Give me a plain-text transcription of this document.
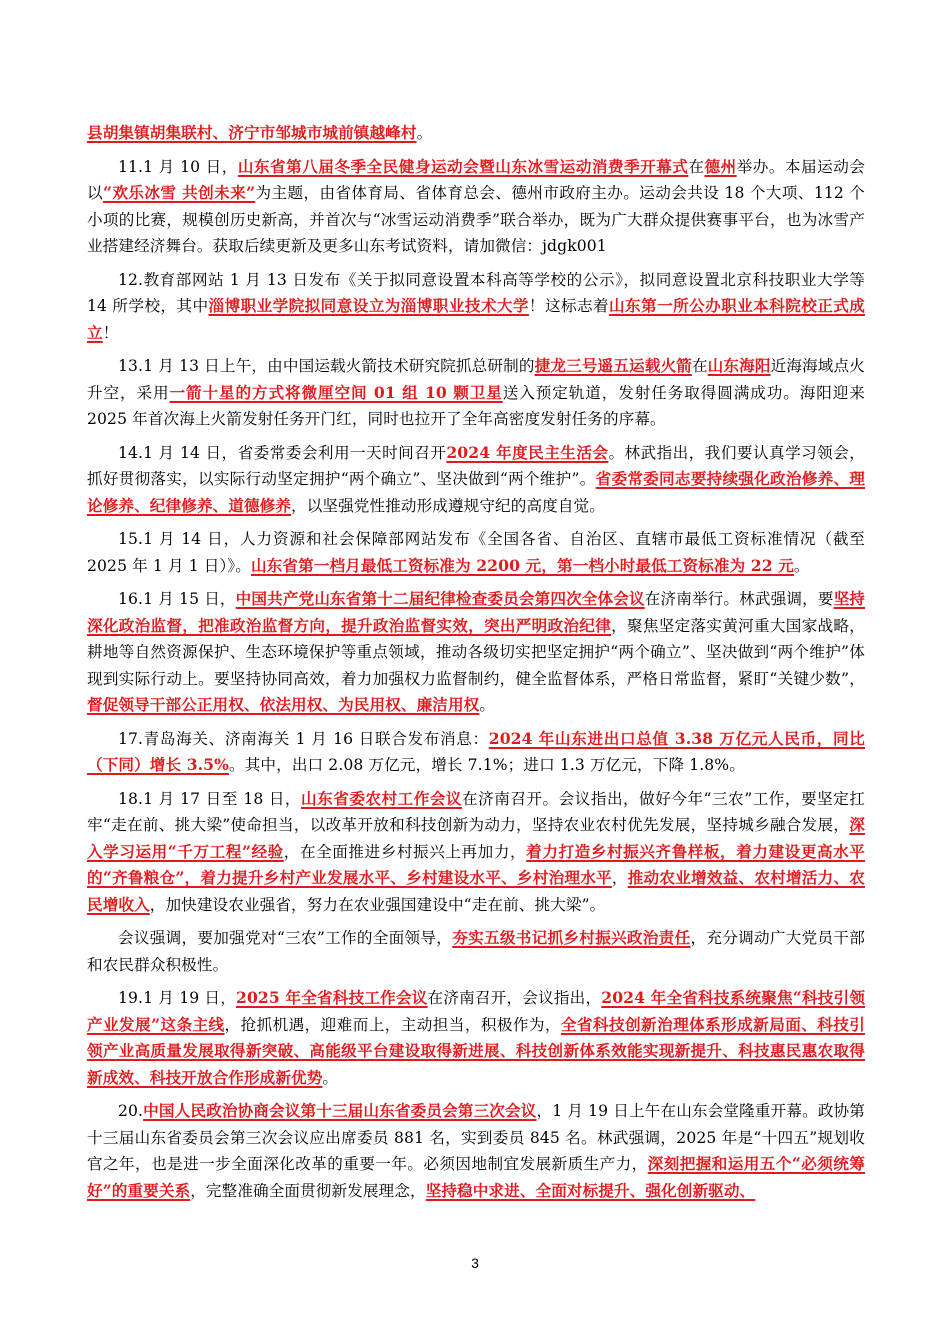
县胡集镇胡集联村、济宁市邹城市城前镇越峰村。

11.1 月 10 日，山东省第八届冬季全民健身运动会暨山东冰雪运动消费季开幕式在德州举办。本届运动会以“欢乐冰雪 共创未来”为主题，由省体育局、省体育总会、德州市政府主办。运动会共设 18 个大项、112 个小项的比赛，规模创历史新高，并首次与“冰雪运动消费季”联合举办，既为广大群众提供赛事平台，也为冰雪产业搭建经济舞台。获取后续更新及更多山东考试资料，请加微信：jdgk001

12.教育部网站 1 月 13 日发布《关于拟同意设置本科高等学校的公示》，拟同意设置北京科技职业大学等 14 所学校，其中淄博职业学院拟同意设立为淄博职业技术大学！这标志着山东第一所公办职业本科院校正式成立！

13.1 月 13 日上午，由中国运载火箭技术研究院抓总研制的捷龙三号遥五运载火箭在山东海阳近海海域点火升空，采用一箭十星的方式将微厘空间 01 组 10 颗卫星送入预定轨道，发射任务取得圆满成功。海阳迎来 2025 年首次海上火箭发射任务开门红，同时也拉开了全年高密度发射任务的序幕。

14.1 月 14 日，省委常委会利用一天时间召开2024 年度民主生活会。林武指出，我们要认真学习领会，抓好贯彻落实，以实际行动坚定拥护“两个确立”、坚决做到“两个维护”。省委常委同志要持续强化政治修养、理论修养、纪律修养、道德修养，以坚强党性推动形成遵规守纪的高度自觉。

15.1 月 14 日，人力资源和社会保障部网站发布《全国各省、自治区、直辖市最低工资标准情况（截至 2025 年 1 月 1 日）》。山东省第一档月最低工资标准为 2200 元，第一档小时最低工资标准为 22 元。

16.1 月 15 日，中国共产党山东省第十二届纪律检查委员会第四次全体会议在济南举行。林武强调，要坚持深化政治监督，把准政治监督方向，提升政治监督实效，突出严明政治纪律，聚焦坚定落实黄河重大国家战略，耕地等自然资源保护、生态环境保护等重点领域，推动各级切实把坚定拥护“两个确立”、坚决做到“两个维护”体现到实际行动上。要坚持协同高效，着力加强权力监督制约，健全监督体系，严格日常监督，紧盯“关键少数”，督促领导干部公正用权、依法用权、为民用权、廉洁用权。

17.青岛海关、济南海关 1 月 16 日联合发布消息：2024 年山东进出口总值 3.38 万亿元人民币，同比（下同）增长 3.5%。其中，出口 2.08 万亿元，增长 7.1%；进口 1.3 万亿元，下降 1.8%。

18.1 月 17 日至 18 日，山东省委农村工作会议在济南召开。会议指出，做好今年“三农”工作，要坚定扛牢“走在前、挑大梁”使命担当，以改革开放和科技创新为动力，坚持农业农村优先发展，坚持城乡融合发展，深入学习运用“千万工程”经验，在全面推进乡村振兴上再加力，着力打造乡村振兴齐鲁样板，着力建设更高水平的“齐鲁粮仓”，着力提升乡村产业发展水平、乡村建设水平、乡村治理水平，推动农业增效益、农村增活力、农民增收入，加快建设农业强省，努力在农业强国建设中“走在前、挑大梁”。

会议强调，要加强党对“三农”工作的全面领导，夯实五级书记抓乡村振兴政治责任，充分调动广大党员干部和农民群众积极性。

19.1 月 19 日，2025 年全省科技工作会议在济南召开，会议指出，2024 年全省科技系统聚焦“科技引领产业发展”这条主线，抢抓机遇，迎难而上，主动担当，积极作为，全省科技创新治理体系形成新局面、科技引领产业高质量发展取得新突破、高能级平台建设取得新进展、科技创新体系效能实现新提升、科技惠民惠农取得新成效、科技开放合作形成新优势。

20.中国人民政治协商会议第十三届山东省委员会第三次会议，1 月 19 日上午在山东会堂隆重开幕。政协第十三届山东省委员会第三次会议应出席委员 881 名，实到委员 845 名。林武强调，2025 年是“十四五”规划收官之年，也是进一步全面深化改革的重要一年。必须因地制宜发展新质生产力，深刻把握和运用五个“必须统筹好”的重要关系，完整准确全面贯彻新发展理念，坚持稳中求进、全面对标提升、强化创新驱动、

3
